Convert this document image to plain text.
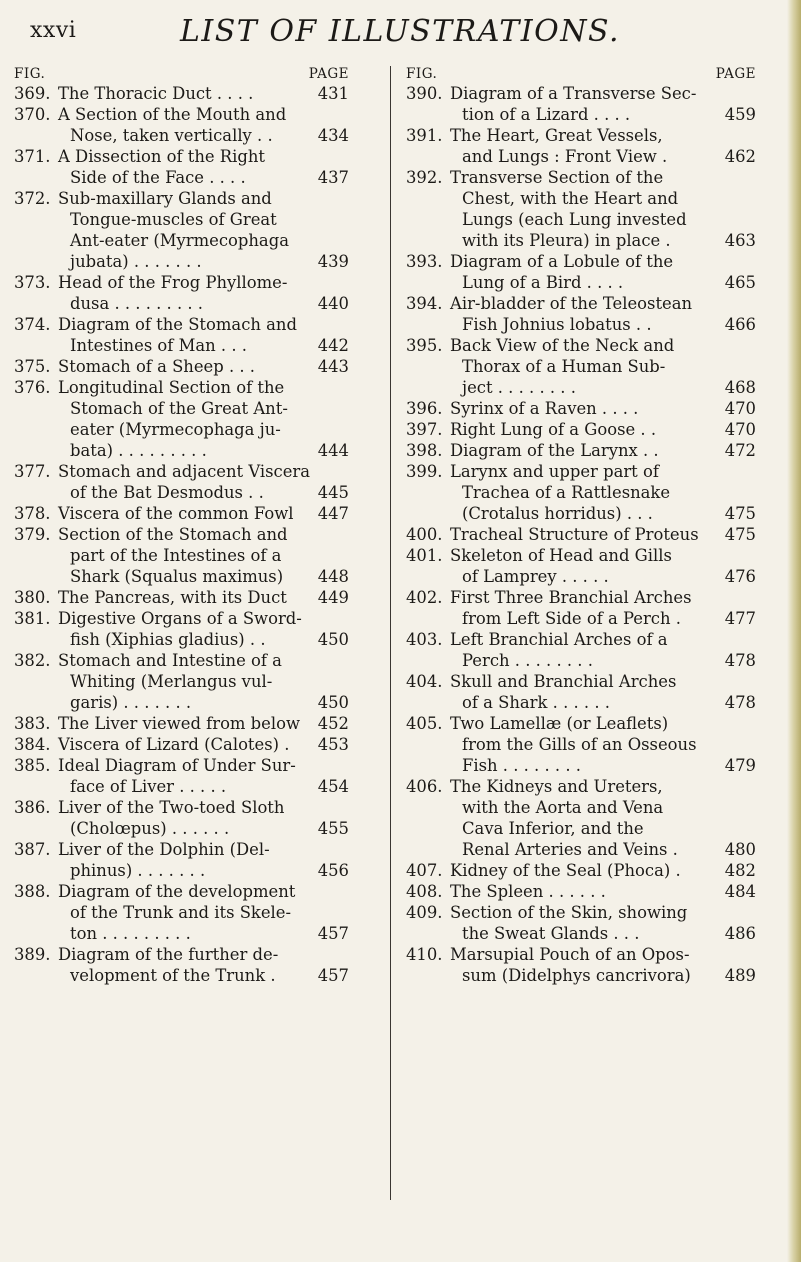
xxvi	LIST OF ILLUSTRATIONS.
FIG.	PAGE
369. The Thoracic Duct . . . .	431
370. A Section of the Mouth and
Nose, taken vertically . .	434
371. A Dissection of the Right
Side of the Face . . . .	437
372. Sub-maxillary Glands and
Tongue-muscles of Great
Ant-eater (Myrmecophaga
jubata) . . . . . . .	439
373. Head of the Frog Phyllome-
dusa . . . . . . . . .	440
374. Diagram of the Stomach and
Intestines of Man . . .	442
375. Stomach of a Sheep . . .	443
376. Longitudinal Section of the
Stomach of the Great Ant-
eater (Myrmecophaga ju-
bata) . . . . . . . . .	444
377. Stomach and adjacent Viscera
of the Bat Desmodus . .	445
378. Viscera of the common Fowl	447
379. Section of the Stomach and
part of the Intestines of a
Shark (Squalus maximus)	448
380. The Pancreas, with its Duct	449
381. Digestive Organs of a Sword-
fish (Xiphias gladius) . .	450
382. Stomach and Intestine of a
Whiting (Merlangus vul-
garis) . . . . . . .	450
383. The Liver viewed from below	452
384. Viscera of Lizard (Calotes) .	453
385. Ideal Diagram of Under Sur-
face of Liver . . . . .	454
386. Liver of the Two-toed Sloth
(Cholœpus) . . . . . .	455
387. Liver of the Dolphin (Del-
phinus) . . . . . . .	456
388. Diagram of the development
of the Trunk and its Skele-
ton . . . . . . . . .	457
389. Diagram of the further de-
velopment of the Trunk .	457
FIG.	PAGE
390. Diagram of a Transverse Sec-
tion of a Lizard . . . .	459
391. The Heart, Great Vessels,
and Lungs : Front View .	462
392. Transverse Section of the
Chest, with the Heart and
Lungs (each Lung invested
with its Pleura) in place .	463
393. Diagram of a Lobule of the
Lung of a Bird . . . .	465
394. Air-bladder of the Teleostean
Fish Johnius lobatus . .	466
395. Back View of the Neck and
Thorax of a Human Sub-
ject . . . . . . . .	468
396. Syrinx of a Raven . . . .	470
397. Right Lung of a Goose . .	470
398. Diagram of the Larynx . .	472
399. Larynx and upper part of
Trachea of a Rattlesnake
(Crotalus horridus) . . .	475
400. Tracheal Structure of Proteus	475
401. Skeleton of Head and Gills
of Lamprey . . . . .	476
402. First Three Branchial Arches
from Left Side of a Perch .	477
403. Left Branchial Arches of a
Perch . . . . . . . .	478
404. Skull and Branchial Arches
of a Shark . . . . . .	478
405. Two Lamellæ (or Leaflets)
from the Gills of an Osseous
Fish . . . . . . . .	479
406. The Kidneys and Ureters,
with the Aorta and Vena
Cava Inferior, and the
Renal Arteries and Veins .	480
407. Kidney of the Seal (Phoca) .	482
408. The Spleen . . . . . .	484
409. Section of the Skin, showing
the Sweat Glands . . .	486
410. Marsupial Pouch of an Opos-
sum (Didelphys cancrivora)	489
